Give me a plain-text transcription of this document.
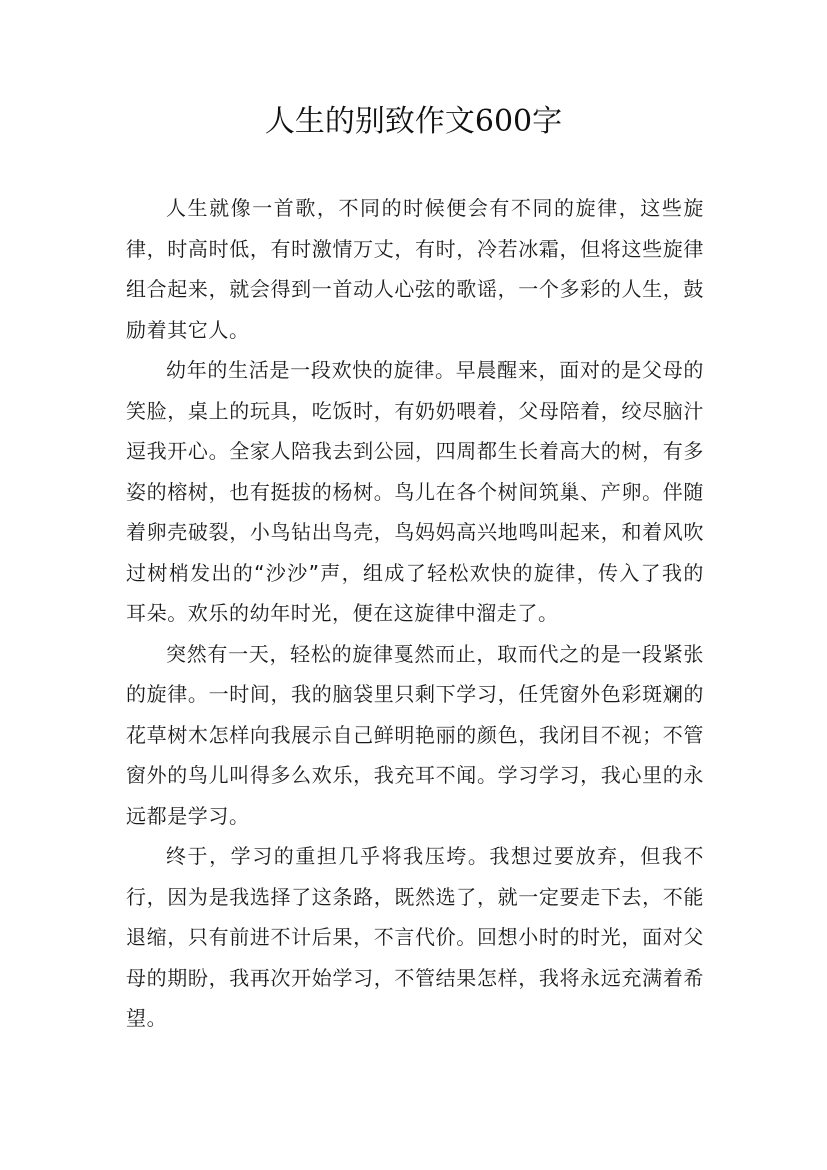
人生的别致作文600字

人生就像一首歌，不同的时候便会有不同的旋律，这些旋律，时高时低，有时激情万丈，有时，冷若冰霜，但将这些旋律组合起来，就会得到一首动人心弦的歌谣，一个多彩的人生，鼓励着其它人。

幼年的生活是一段欢快的旋律。早晨醒来，面对的是父母的笑脸，桌上的玩具，吃饭时，有奶奶喂着，父母陪着，绞尽脑汁逗我开心。全家人陪我去到公园，四周都生长着高大的树，有多姿的榕树，也有挺拔的杨树。鸟儿在各个树间筑巢、产卵。伴随着卵壳破裂，小鸟钻出鸟壳，鸟妈妈高兴地鸣叫起来，和着风吹过树梢发出的“沙沙”声，组成了轻松欢快的旋律，传入了我的耳朵。欢乐的幼年时光，便在这旋律中溜走了。

突然有一天，轻松的旋律戛然而止，取而代之的是一段紧张的旋律。一时间，我的脑袋里只剩下学习，任凭窗外色彩斑斓的花草树木怎样向我展示自己鲜明艳丽的颜色，我闭目不视；不管窗外的鸟儿叫得多么欢乐，我充耳不闻。学习学习，我心里的永远都是学习。

终于，学习的重担几乎将我压垮。我想过要放弃，但我不行，因为是我选择了这条路，既然选了，就一定要走下去，不能退缩，只有前进不计后果，不言代价。回想小时的时光，面对父母的期盼，我再次开始学习，不管结果怎样，我将永远充满着希望。
